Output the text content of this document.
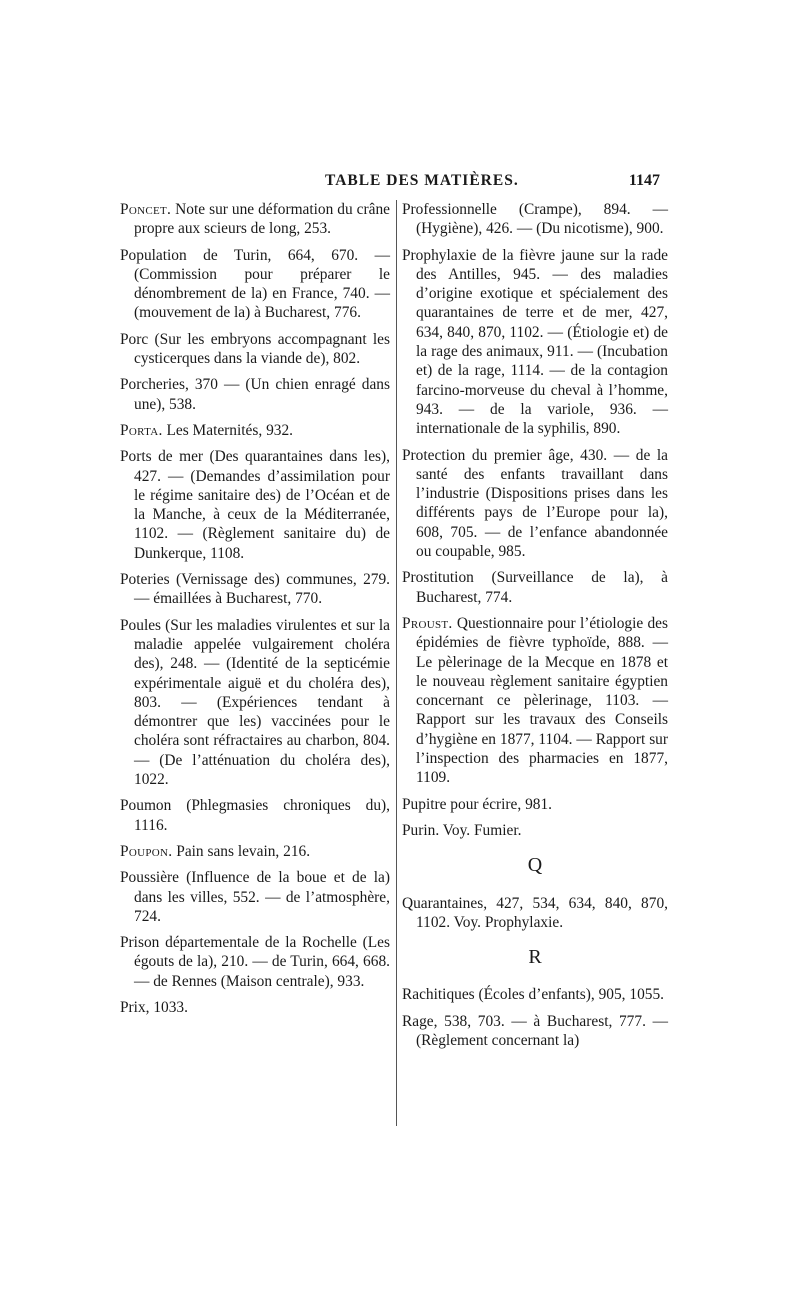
TABLE DES MATIÈRES.	1147

Poncet. Note sur une déformation du crâne propre aux scieurs de long, 253.

Population de Turin, 664, 670. — (Commission pour préparer le dénombrement de la) en France, 740. — (mouvement de la) à Bucharest, 776.

Porc (Sur les embryons accompagnant les cysticerques dans la viande de), 802.

Porcheries, 370 — (Un chien enragé dans une), 538.

Porta. Les Maternités, 932.

Ports de mer (Des quarantaines dans les), 427. — (Demandes d’assimilation pour le régime sanitaire des) de l’Océan et de la Manche, à ceux de la Méditerranée, 1102. — (Règlement sanitaire du) de Dunkerque, 1108.

Poteries (Vernissage des) communes, 279. — émaillées à Bucharest, 770.

Poules (Sur les maladies virulentes et sur la maladie appelée vulgairement choléra des), 248. — (Identité de la septicémie expérimentale aiguë et du choléra des), 803. — (Expériences tendant à démontrer que les) vaccinées pour le choléra sont réfractaires au charbon, 804. — (De l’atténuation du choléra des), 1022.

Poumon (Phlegmasies chroniques du), 1116.

Poupon. Pain sans levain, 216.

Poussière (Influence de la boue et de la) dans les villes, 552. — de l’atmosphère, 724.

Prison départementale de la Rochelle (Les égouts de la), 210. — de Turin, 664, 668. — de Rennes (Maison centrale), 933.

Prix, 1033.

Professionnelle (Crampe), 894. — (Hygiène), 426. — (Du nicotisme), 900.

Prophylaxie de la fièvre jaune sur la rade des Antilles, 945. — des maladies d’origine exotique et spécialement des quarantaines de terre et de mer, 427, 634, 840, 870, 1102. — (Étiologie et) de la rage des animaux, 911. — (Incubation et) de la rage, 1114. — de la contagion farcino-morveuse du cheval à l’homme, 943. — de la variole, 936. — internationale de la syphilis, 890.

Protection du premier âge, 430. — de la santé des enfants travaillant dans l’industrie (Dispositions prises dans les différents pays de l’Europe pour la), 608, 705. — de l’enfance abandonnée ou coupable, 985.

Prostitution (Surveillance de la), à Bucharest, 774.

Proust. Questionnaire pour l’étiologie des épidémies de fièvre typhoïde, 888. — Le pèlerinage de la Mecque en 1878 et le nouveau règlement sanitaire égyptien concernant ce pèlerinage, 1103. — Rapport sur les travaux des Conseils d’hygiène en 1877, 1104. — Rapport sur l’inspection des pharmacies en 1877, 1109.

Pupitre pour écrire, 981.

Purin. Voy. Fumier.

Q

Quarantaines, 427, 534, 634, 840, 870, 1102. Voy. Prophylaxie.

R

Rachitiques (Écoles d’enfants), 905, 1055.

Rage, 538, 703. — à Bucharest, 777. — (Règlement concernant la)
